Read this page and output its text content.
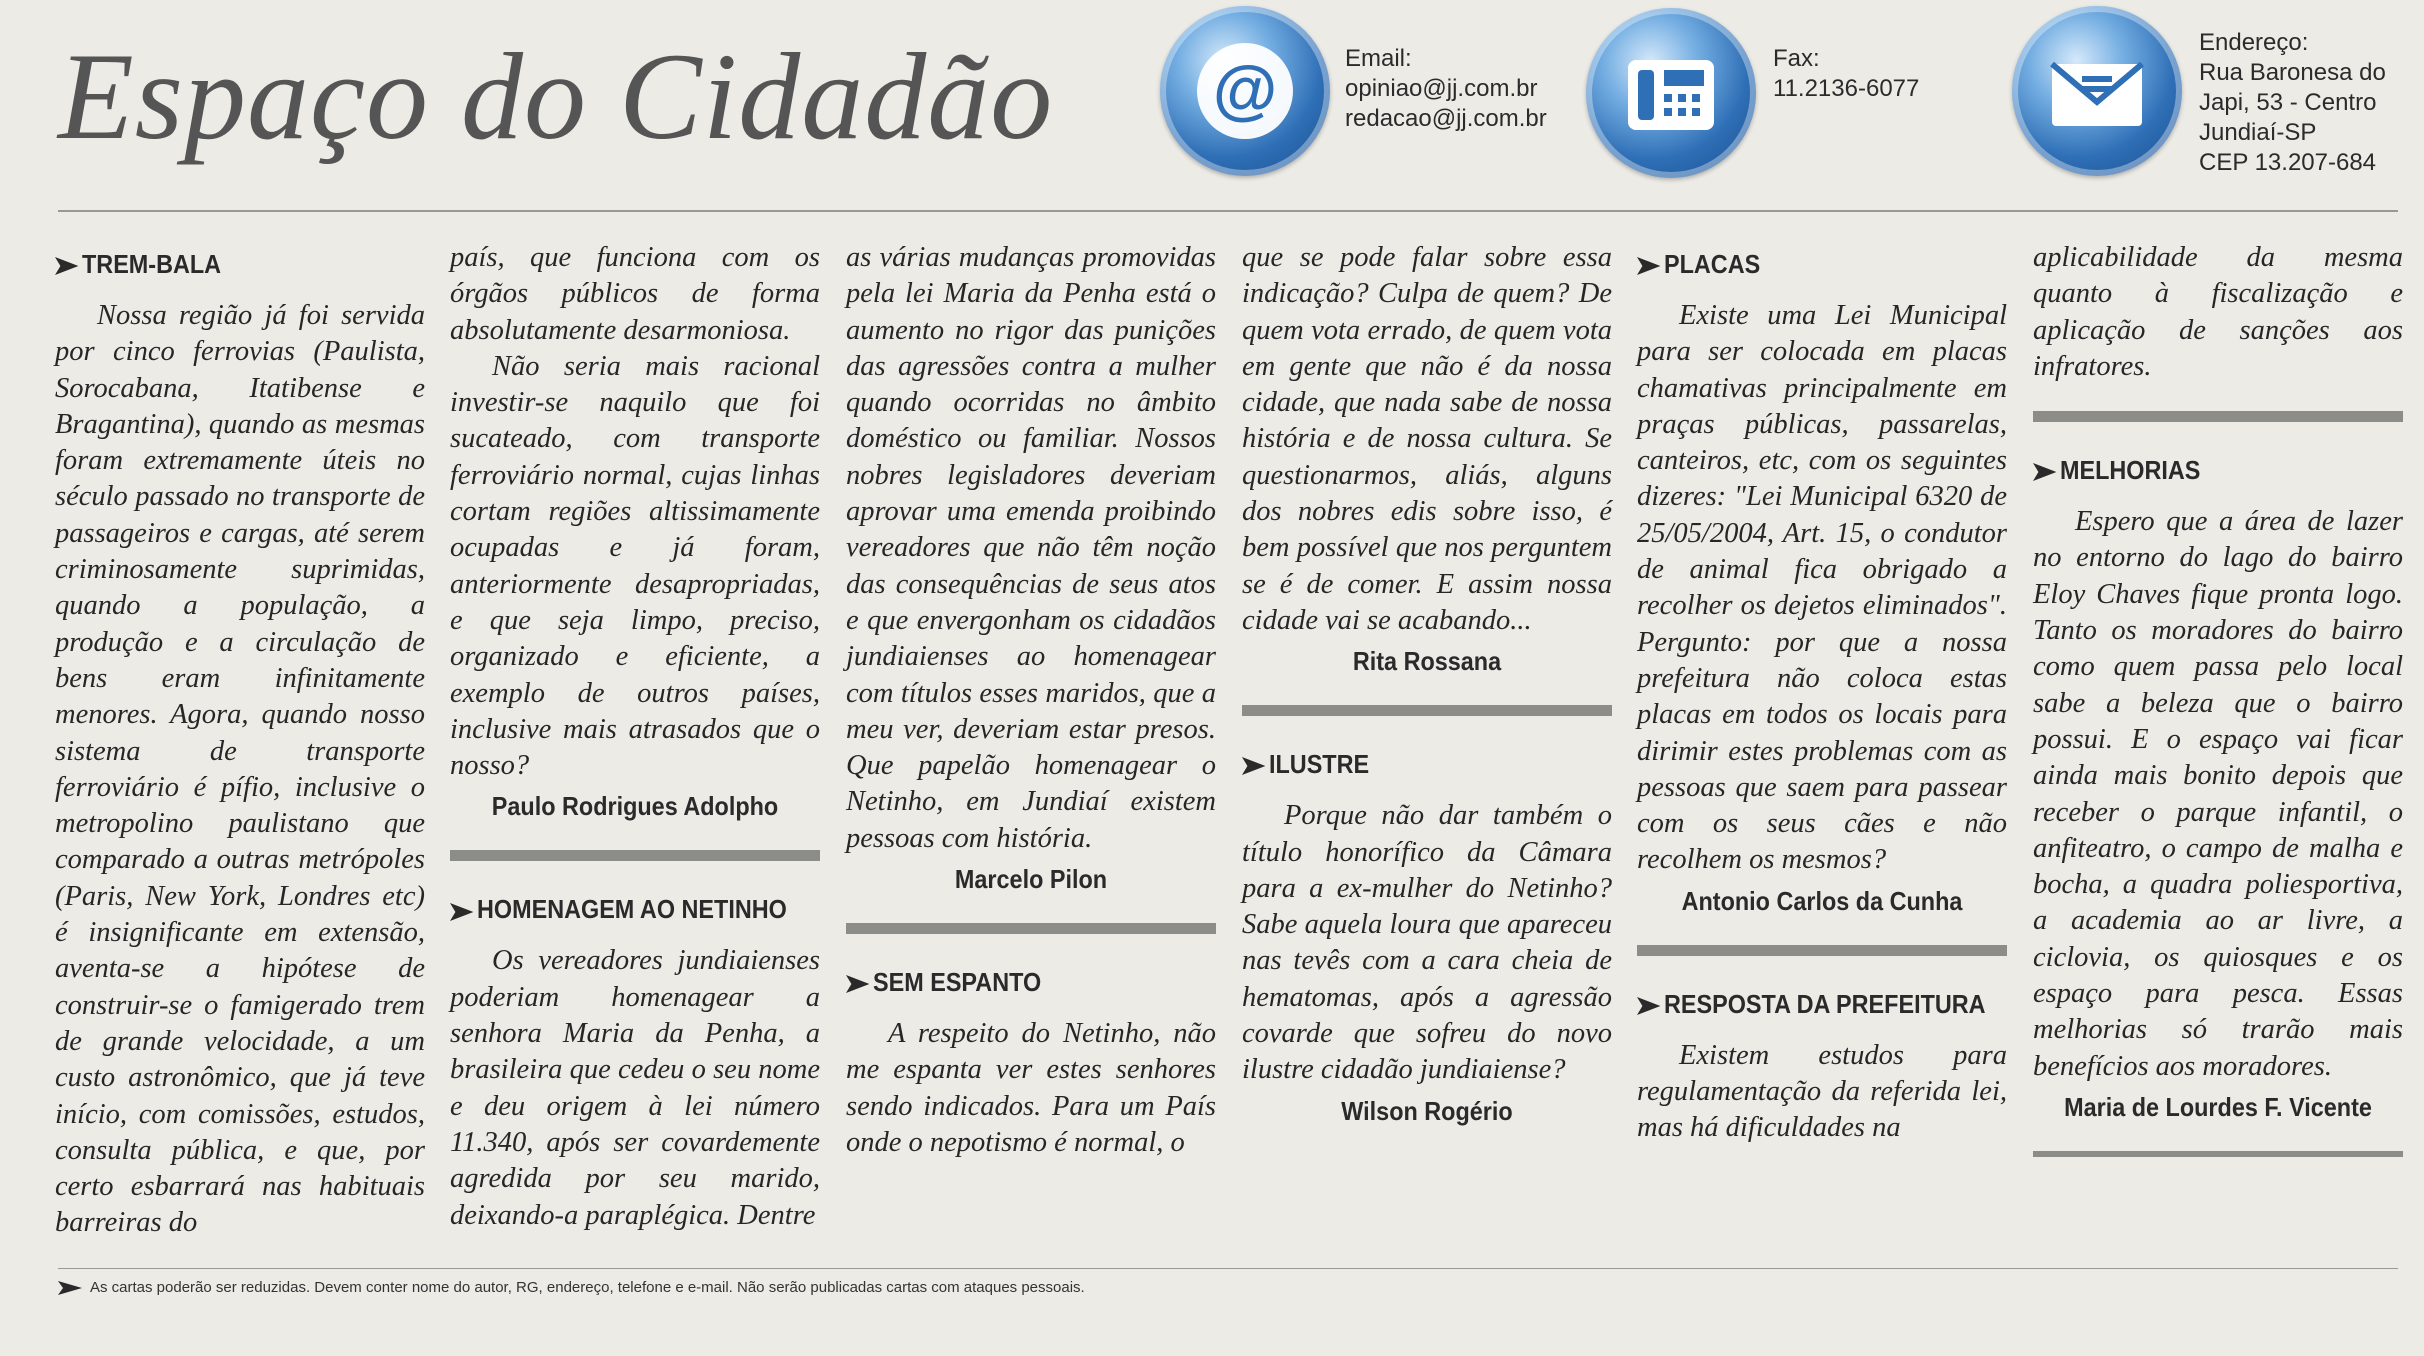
Espaço do Cidadão @	Email:
opiniao@jj.com.br
redacao@jj.com.br
Fax:
11.2136-6077
Endereço:
Rua Baronesa do
Japi, 53 - Centro
Jundiaí-SP
CEP 13.207-684
TREM-BALA

Nossa região já foi servida por cinco ferrovias (Paulista, Sorocabana, Itatibense e Bragantina), quando as mesmas foram extremamente úteis no século passado no transporte de passageiros e cargas, até serem criminosamente suprimidas, quando a população, a produção e a circulação de bens eram infinitamente menores. Agora, quando nosso sistema de transporte ferroviário é pífio, inclusive o metropolino paulistano que comparado a outras metrópoles (Paris, New York, Londres etc) é insignificante em extensão, aventa-se a hipótese de construir-se o famigerado trem de grande velocidade, a um custo astronômico, que já teve início, com comissões, estudos, consulta pública, e que, por certo esbarrará nas habituais barreiras do

país, que funciona com os órgãos públicos de forma absolutamente desarmoniosa.

Não seria mais racional investir-se naquilo que foi sucateado, com transporte ferroviário normal, cujas linhas cortam regiões altissimamente ocupadas e já foram, anteriormente desapropriadas, e que seja limpo, preciso, organizado e eficiente, a exemplo de outros países, inclusive mais atrasados que o nosso?

Paulo Rodrigues Adolpho
HOMENAGEM AO NETINHO

Os vereadores jundiaienses poderiam homenagear a senhora Maria da Penha, a brasileira que cedeu o seu nome e deu origem à lei número 11.340, após ser covardemente agredida por seu marido, deixando-a paraplégica. Dentre

as várias mudanças promovidas pela lei Maria da Penha está o aumento no rigor das punições das agressões contra a mulher quando ocorridas no âmbito doméstico ou familiar. Nossos nobres legisladores deveriam aprovar uma emenda proibindo vereadores que não têm noção das consequências de seus atos e que envergonham os cidadãos jundiaienses ao homenagear com títulos esses maridos, que a meu ver, deveriam estar presos. Que papelão homenagear o Netinho, em Jundiaí existem pessoas com história.

Marcelo Pilon
SEM ESPANTO

A respeito do Netinho, não me espanta ver estes senhores sendo indicados. Para um País onde o nepotismo é normal, o

que se pode falar sobre essa indicação? Culpa de quem? De quem vota errado, de quem vota em gente que não é da nossa cidade, que nada sabe de nossa história e de nossa cultura. Se questionarmos, aliás, alguns dos nobres edis sobre isso, é bem possível que nos perguntem se é de comer. E assim nossa cidade vai se acabando...

Rita Rossana
ILUSTRE

Porque não dar também o título honorífico da Câmara para a ex-mulher do Netinho? Sabe aquela loura que apareceu nas tevês com a cara cheia de hematomas, após a agressão covarde que sofreu do novo ilustre cidadão jundiaiense?

Wilson Rogério
PLACAS

Existe uma Lei Municipal para ser colocada em placas chamativas principalmente em praças públicas, passarelas, canteiros, etc, com os seguintes dizeres: "Lei Municipal 6320 de 25/05/2004, Art. 15, o condutor de animal fica obrigado a recolher os dejetos eliminados". Pergunto: por que a nossa prefeitura não coloca estas placas em todos os locais para dirimir estes problemas com as pessoas que saem para passear com os seus cães e não recolhem os mesmos?

Antonio Carlos da Cunha
RESPOSTA DA PREFEITURA

Existem estudos para regulamentação da referida lei, mas há dificuldades na

aplicabilidade da mesma quanto à fiscalização e aplicação de sanções aos infratores.

MELHORIAS

Espero que a área de lazer no entorno do lago do bairro Eloy Chaves fique pronta logo. Tanto os moradores do bairro como quem passa pelo local sabe a beleza que o bairro possui. E o espaço vai ficar ainda mais bonito depois que receber o parque infantil, o anfiteatro, o campo de malha e bocha, a quadra poliesportiva, a academia ao ar livre, a ciclovia, os quiosques e os espaço para pesca. Essas melhorias só trarão mais benefícios aos moradores.

Maria de Lourdes F. Vicente
As cartas poderão ser reduzidas. Devem conter nome do autor, RG, endereço, telefone e e-mail. Não serão publicadas cartas com ataques pessoais.
